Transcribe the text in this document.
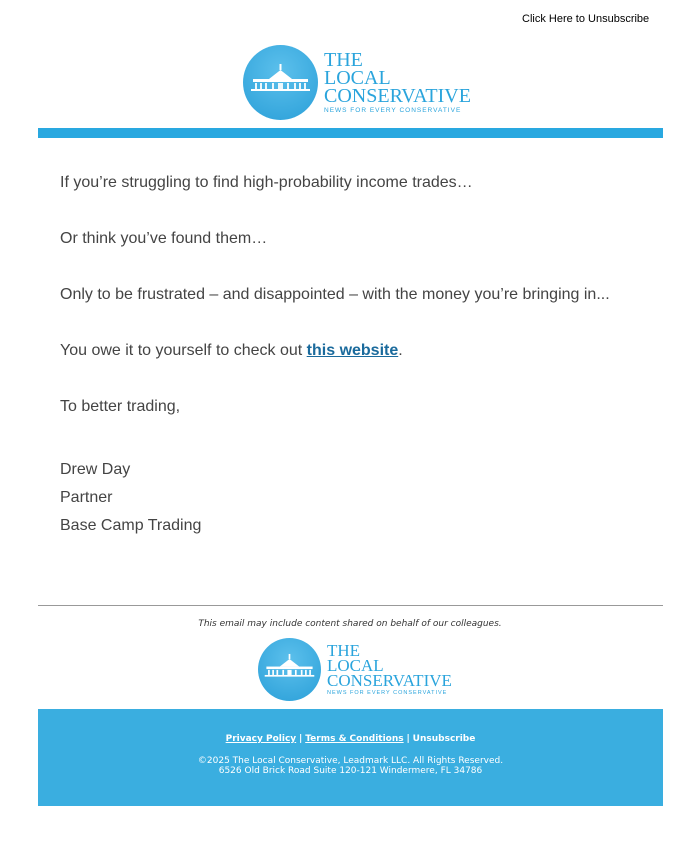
Click Here to Unsubscribe
THE
LOCAL
CONSERVATIVE
NEWS FOR EVERY CONSERVATIVE

If you’re struggling to find high-probability income trades…

Or think you’ve found them…

Only to be frustrated – and disappointed – with the money you’re bringing in...

You owe it to yourself to check out this website.

To better trading,

Drew Day

Partner

Base Camp Trading

This email may include content shared on behalf of our colleagues.
THE
LOCAL
CONSERVATIVE
NEWS FOR EVERY CONSERVATIVE
Privacy Policy | Terms & Conditions | Unsubscribe
©2025 The Local Conservative, Leadmark LLC. All Rights Reserved.
6526 Old Brick Road Suite 120-121 Windermere, FL 34786
